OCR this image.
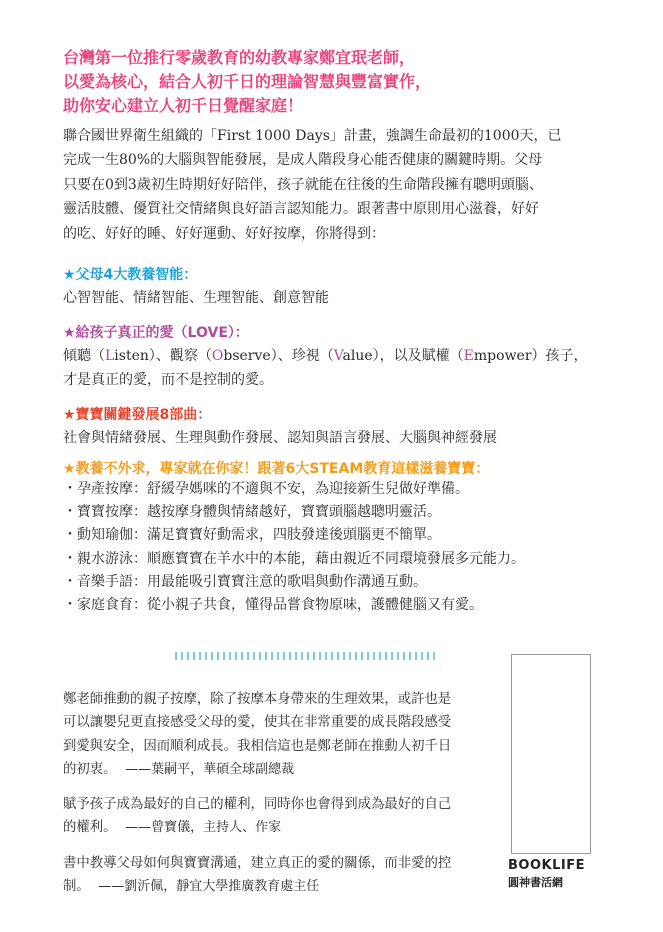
台灣第一位推行零歲教育的幼教專家鄭宜珉老師，
以愛為核心，結合人初千日的理論智慧與豐富實作，
助你安心建立人初千日覺醒家庭！
聯合國世界衛生組織的「First 1000 Days」計畫，強調生命最初的1000天，已
完成一生80%的大腦與智能發展，是成人階段身心能否健康的關鍵時期。父母
只要在0到3歲初生時期好好陪伴，孩子就能在往後的生命階段擁有聰明頭腦、
靈活肢體、優質社交情緒與良好語言認知能力。跟著書中原則用心滋養，好好
的吃、好好的睡、好好運動、好好按摩，你將得到：
★父母4大教養智能：
心智智能、情緒智能、生理智能、創意智能
★給孩子真正的愛（LOVE）：
傾聽（Listen）、觀察（Observe）、珍視（Value），以及賦權（Empower）孩子，
才是真正的愛，而不是控制的愛。
★寶寶關鍵發展8部曲：
社會與情緒發展、生理與動作發展、認知與語言發展、大腦與神經發展
★教養不外求，專家就在你家！跟著6大STEAM教育這樣滋養寶寶：
・孕產按摩：舒緩孕媽咪的不適與不安，為迎接新生兒做好準備。
・寶寶按摩：越按摩身體與情緒越好，寶寶頭腦越聰明靈活。
・動知瑜伽：滿足寶寶好動需求，四肢發達後頭腦更不簡單。
・親水游泳：順應寶寶在羊水中的本能，藉由親近不同環境發展多元能力。
・音樂手語：用最能吸引寶寶注意的歌唱與動作溝通互動。
・家庭食育：從小親子共食，懂得品嘗食物原味，護體健腦又有愛。
鄭老師推動的親子按摩，除了按摩本身帶來的生理效果，或許也是
可以讓嬰兒更直接感受父母的愛，使其在非常重要的成長階段感受
到愛與安全，因而順利成長。我相信這也是鄭老師在推動人初千日
的初衷。 ——葉嗣平，華碩全球副總裁
賦予孩子成為最好的自己的權利，同時你也會得到成為最好的自己
的權利。 ——曾寶儀，主持人、作家
書中教導父母如何與寶寶溝通，建立真正的愛的關係，而非愛的控
制。 ——劉沂佩，靜宜大學推廣教育處主任
BOOKLIFE
圓神書活網
